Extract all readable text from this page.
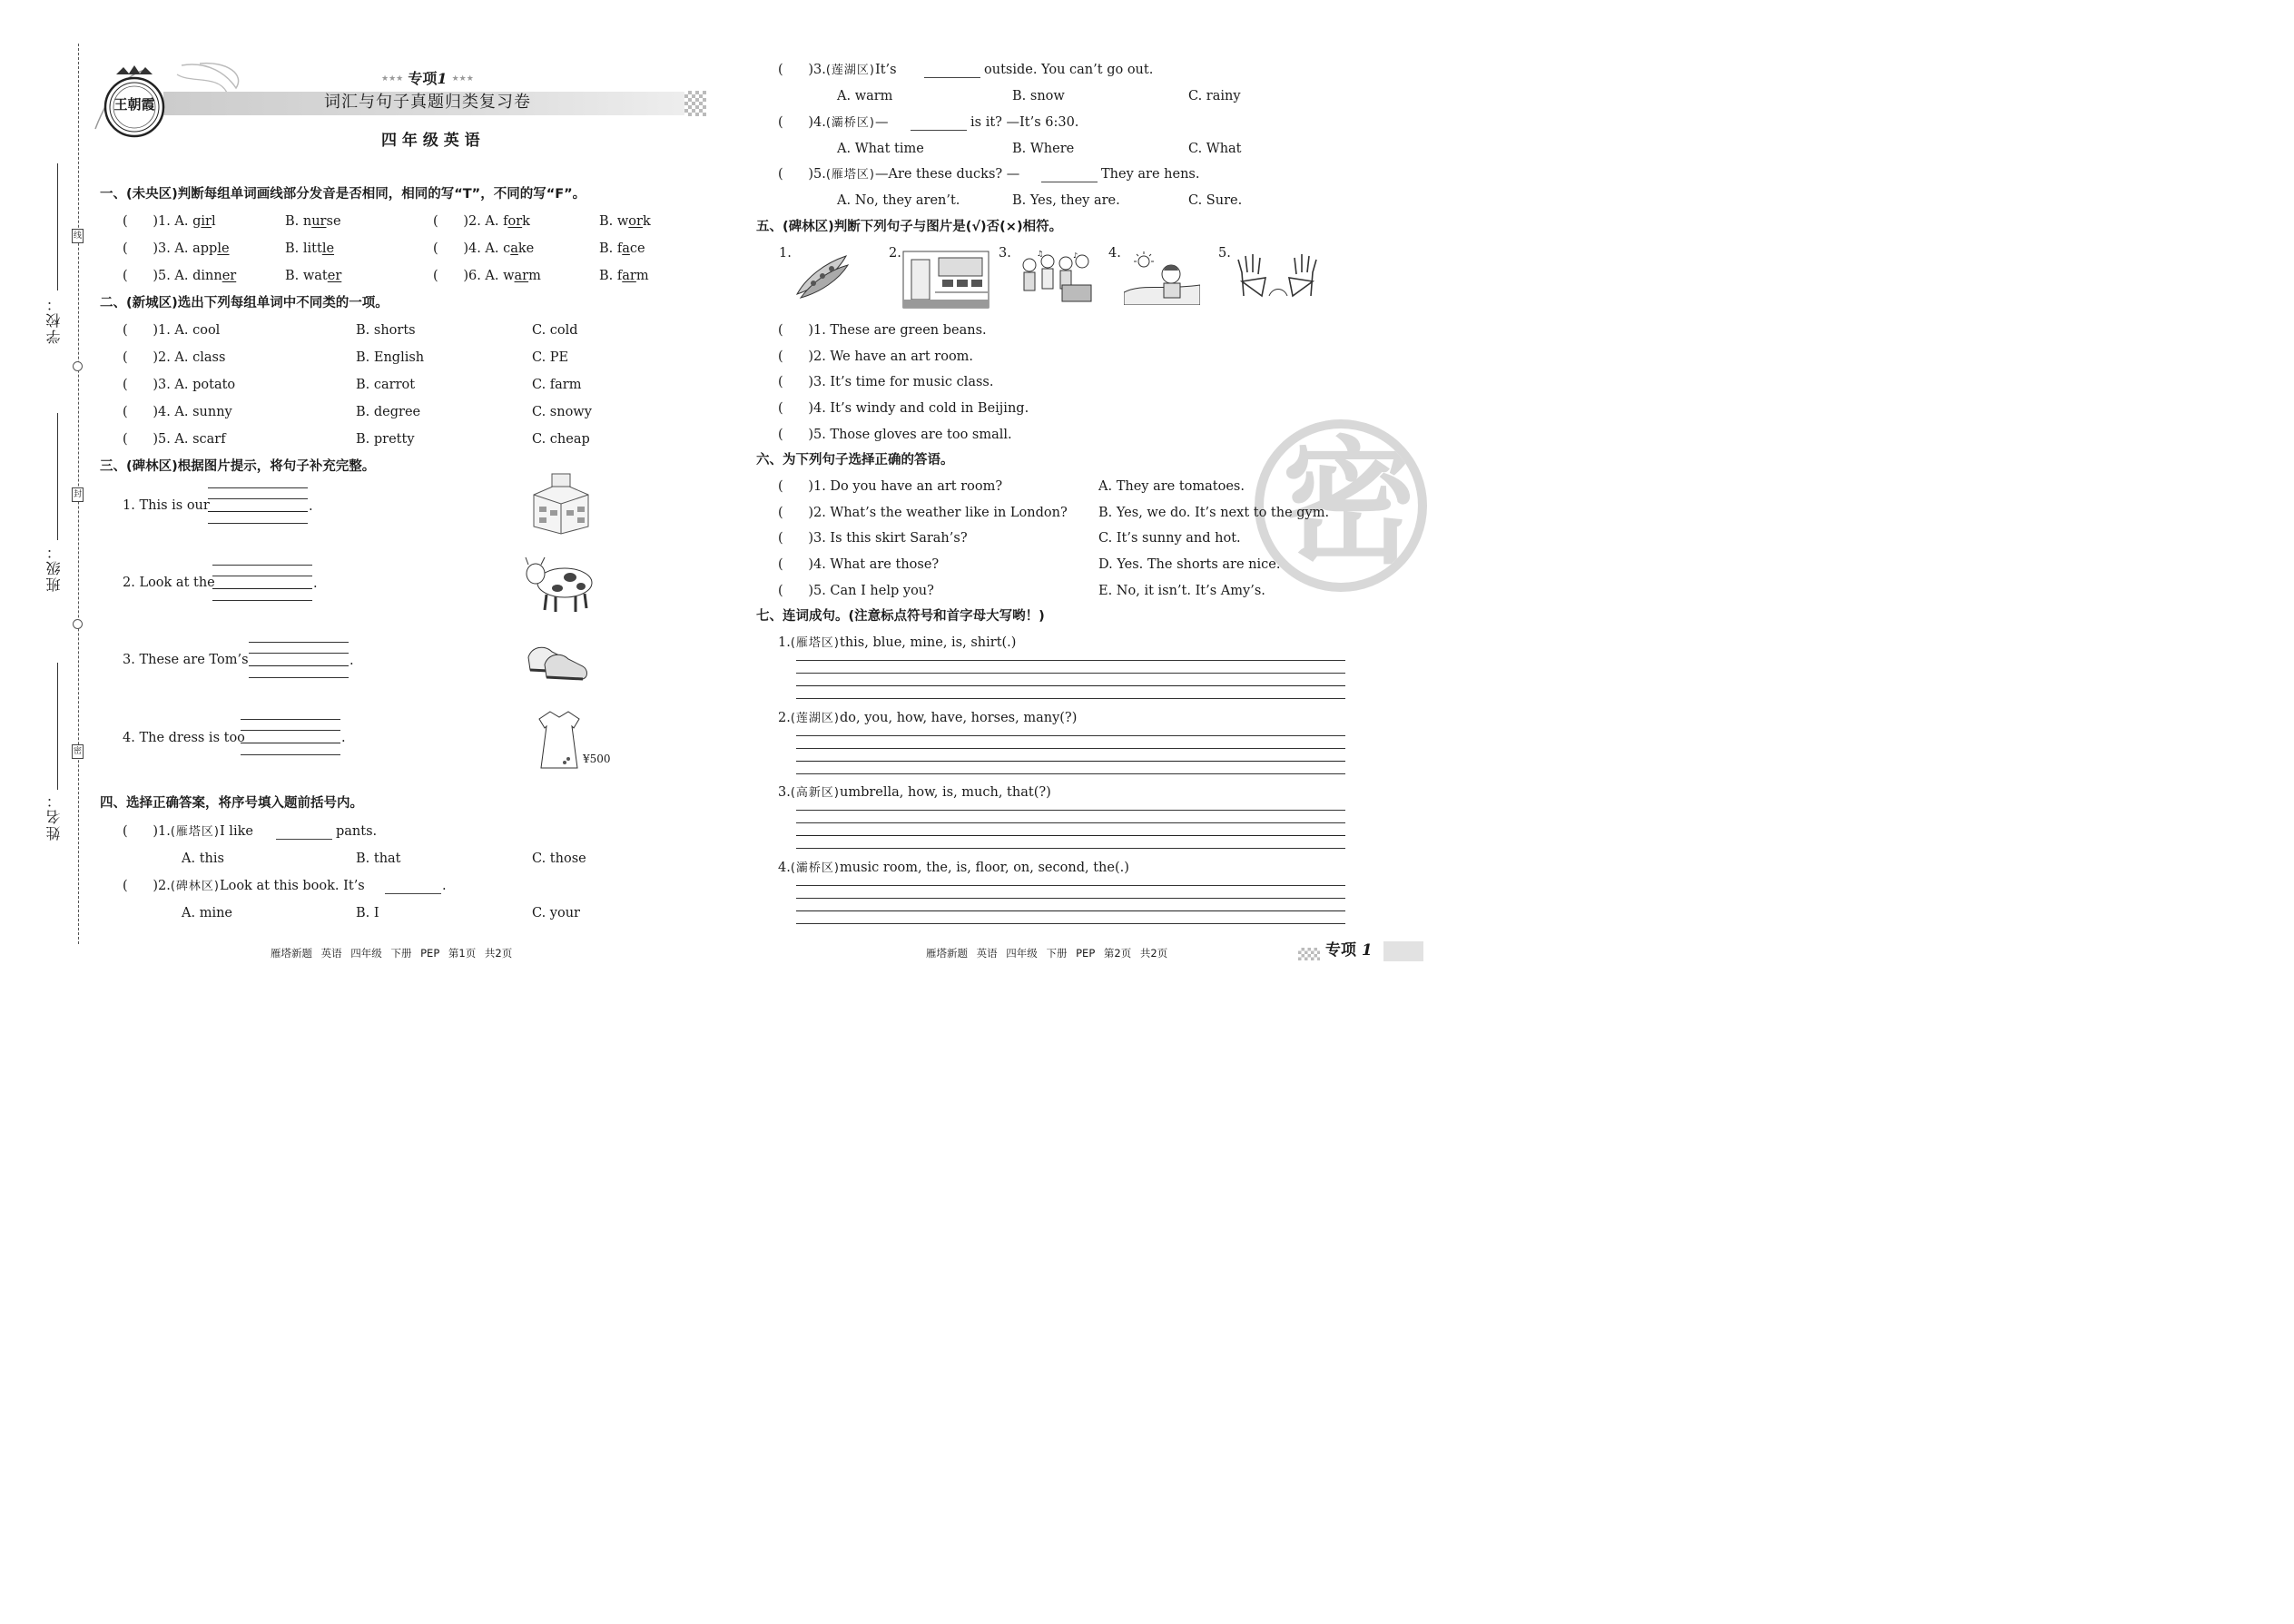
学校：
班级：
姓名：
线
封
密
王朝霞
★★★ 专项1 ★★★
词汇与句子真题归类复习卷
四 年 级 英 语
一、(未央区)判断每组单词画线部分发音是否相同，相同的写“T”，不同的写“F”。
(      )1. A. girl	B. nurse	(      )2. A. fork	B. work
(      )3. A. apple	B. little	(      )4. A. cake	B. face
(      )5. A. dinner	B. water	(      )6. A. warm	B. farm
二、(新城区)选出下列每组单词中不同类的一项。
(      )1. A. cool	B. shorts	C. cold
(      )2. A. class	B. English	C. PE
(      )3. A. potato	B. carrot	C. farm
(      )4. A. sunny	B. degree	C. snowy
(      )5. A. scarf	B. pretty	C. cheap
三、(碑林区)根据图片提示，将句子补充完整。
1. This is our	.
2. Look at the	.
3. These are Tom’s	.
4. The dress is too	.
¥500
四、选择正确答案，将序号填入题前括号内。
(      )1.(雁塔区)I like	pants.
A. this	B. that	C. those
(      )2.(碑林区)Look at this book. It’s	.
A. mine	B. I	C. your
(      )3.(莲湖区)It’s	outside. You can’t go out.
A. warm	B. snow	C. rainy
(      )4.(灞桥区)—	is it? —It’s 6:30.
A. What time	B. Where	C. What
(      )5.(雁塔区)—Are these ducks? —	They are hens.
A. No, they aren’t.	B. Yes, they are.	C. Sure.
密
五、(碑林区)判断下列句子与图片是(√)否(×)相符。
1.	2.	3.	4.	5.
♪
♫
(      )1. These are green beans.
(      )2. We have an art room.
(      )3. It’s time for music class.
(      )4. It’s windy and cold in Beijing.
(      )5. Those gloves are too small.
六、为下列句子选择正确的答语。
(      )1. Do you have an art room?	A. They are tomatoes.
(      )2. What’s the weather like in London? B. Yes, we do. It’s next to the gym.
(      )3. Is this skirt Sarah’s?	C. It’s sunny and hot.
(      )4. What are those?	D. Yes. The shorts are nice.
(      )5. Can I help you?	E. No, it isn’t. It’s Amy’s.
七、连词成句。(注意标点符号和首字母大写哟！)
1.(雁塔区)this, blue, mine, is, shirt(.)
2.(莲湖区)do, you, how, have, horses, many(?)
3.(高新区)umbrella, how, is, much, that(?)
4.(灞桥区)music room, the, is, floor, on, second, the(.)
雁塔新题 英语 四年级 下册 PEP 第1页 共2页	雁塔新题 英语 四年级 下册 PEP 第2页 共2页	专项 1
